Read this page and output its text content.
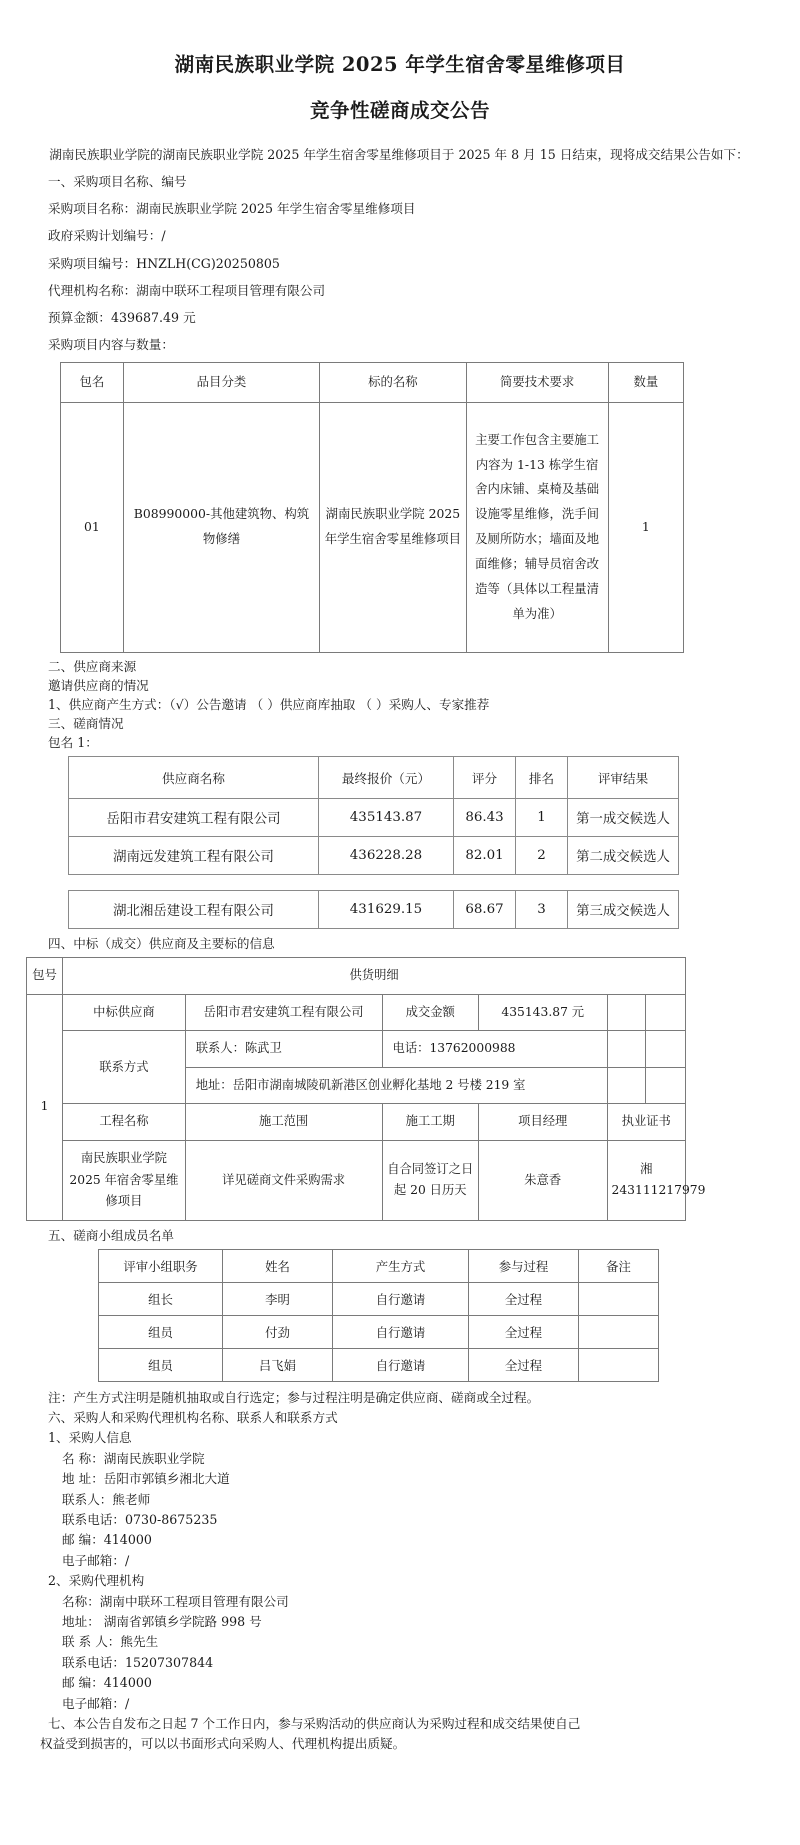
湖南民族职业学院 2025 年学生宿舍零星维修项目
竞争性磋商成交公告

湖南民族职业学院的湖南民族职业学院 2025 年学生宿舍零星维修项目于 2025 年 8 月 15 日结束，现将成交结果公告如下：

一、采购项目名称、编号

采购项目名称：湖南民族职业学院 2025 年学生宿舍零星维修项目

政府采购计划编号：/

采购项目编号：HNZLH(CG)20250805

代理机构名称：湖南中联环工程项目管理有限公司

预算金额：439687.49 元

采购项目内容与数量：

包名	品目分类	标的名称	简要技术要求	数量
01	B08990000-其他建筑物、构筑物修缮	湖南民族职业学院 2025 年学生宿舍零星维修项目	主要工作包含主要施工内容为 1-13 栋学生宿舍内床铺、桌椅及基础设施零星维修，洗手间及厕所防水；墙面及地面维修；辅导员宿舍改造等（具体以工程量清单为准）	1

二、供应商来源

邀请供应商的情况

1、供应商产生方式：（√）公告邀请 （ ）供应商库抽取 （ ）采购人、专家推荐

三、磋商情况

包名 1：

供应商名称	最终报价（元）	评分	排名	评审结果
岳阳市君安建筑工程有限公司	435143.87	86.43	1	第一成交候选人
湖南远发建筑工程有限公司	436228.28	82.01	2	第二成交候选人
湖北湘岳建设工程有限公司	431629.15	68.67	3	第三成交候选人

四、中标（成交）供应商及主要标的信息

包号	供货明细					
1	中标供应商	岳阳市君安建筑工程有限公司	成交金额	435143.87 元		
	联系方式	联系人：陈武卫	电话：13762000988			
		地址：岳阳市湖南城陵矶新港区创业孵化基地 2 号楼 219 室				
	工程名称	施工范围	施工工期	项目经理	执业证书	
	南民族职业学院 2025 年宿舍零星维修项目	详见磋商文件采购需求	自合同签订之日起 20 日历天	朱意香	湘 243111217979	

五、磋商小组成员名单

评审小组职务	姓名	产生方式	参与过程	备注
组长	李明	自行邀请	全过程	
组员	付劲	自行邀请	全过程	
组员	吕飞娟	自行邀请	全过程	

注：产生方式注明是随机抽取或自行选定；参与过程注明是确定供应商、磋商或全过程。

六、采购人和采购代理机构名称、联系人和联系方式

1、采购人信息

名 称：湖南民族职业学院

地 址：岳阳市郭镇乡湘北大道

联系人：熊老师

联系电话：0730-8675235

邮 编：414000

电子邮箱：/

2、采购代理机构

名称：湖南中联环工程项目管理有限公司

地址： 湖南省郭镇乡学院路 998 号

联 系 人：熊先生

联系电话：15207307844

邮 编：414000

电子邮箱：/

七、本公告自发布之日起 7 个工作日内，参与采购活动的供应商认为采购过程和成交结果使自己

权益受到损害的，可以以书面形式向采购人、代理机构提出质疑。
